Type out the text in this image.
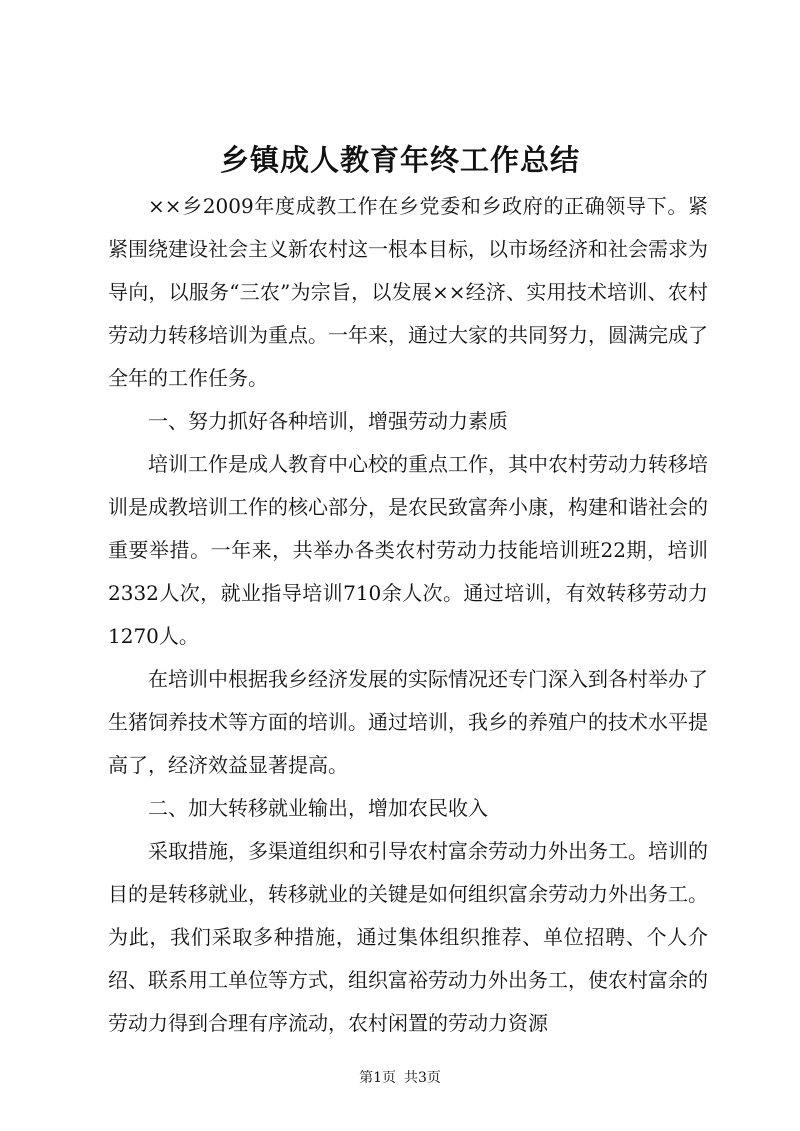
乡镇成人教育年终工作总结

××乡2009年度成教工作在乡党委和乡政府的正确领导下。紧紧围绕建设社会主义新农村这一根本目标，以市场经济和社会需求为导向，以服务“三农”为宗旨，以发展××经济、实用技术培训、农村劳动力转移培训为重点。一年来，通过大家的共同努力，圆满完成了全年的工作任务。

一、努力抓好各种培训，增强劳动力素质

培训工作是成人教育中心校的重点工作，其中农村劳动力转移培训是成教培训工作的核心部分，是农民致富奔小康，构建和谐社会的重要举措。一年来，共举办各类农村劳动力技能培训班22期，培训2332人次，就业指导培训710余人次。通过培训，有效转移劳动力1270人。

在培训中根据我乡经济发展的实际情况还专门深入到各村举办了生猪饲养技术等方面的培训。通过培训，我乡的养殖户的技术水平提高了，经济效益显著提高。

二、加大转移就业输出，增加农民收入

采取措施，多渠道组织和引导农村富余劳动力外出务工。培训的目的是转移就业，转移就业的关键是如何组织富余劳动力外出务工。为此，我们采取多种措施，通过集体组织推荐、单位招聘、个人介绍、联系用工单位等方式，组织富裕劳动力外出务工，使农村富余的劳动力得到合理有序流动，农村闲置的劳动力资源

第1页 共3页
